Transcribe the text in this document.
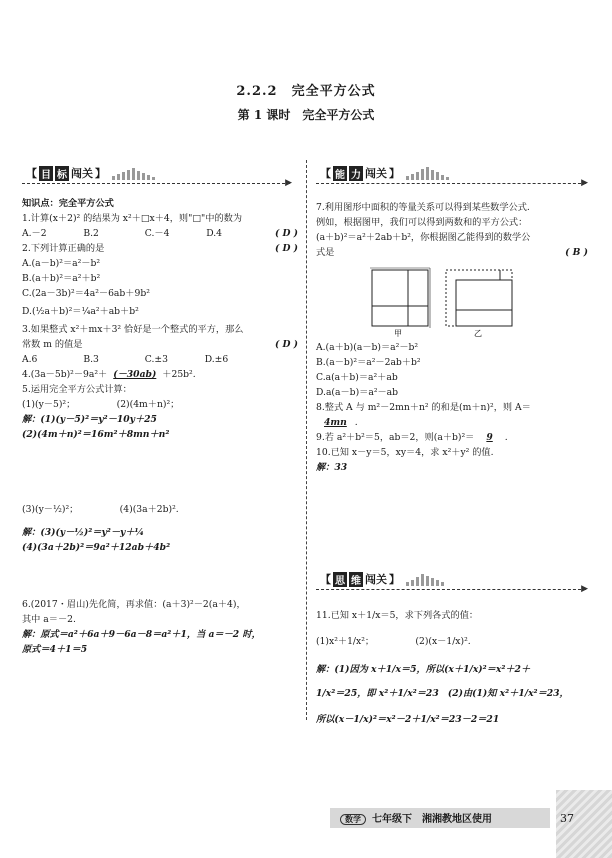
2.2.2　完全平方公式
第 1 课时　完全平方公式
【 目 标 闯关 】
▶
知识点：完全平方公式
1.计算(x＋2)² 的结果为 x²＋□x＋4，则"□"中的数为
( D )
A.－2　　　　B.2　　　　　C.－4　　　　D.4
2.下列计算正确的是	( D )
A.(a－b)²＝a²－b²
B.(a＋b)²＝a²＋b²
C.(2a－3b)²＝4a²－6ab＋9b²
D.(½a＋b)²＝¼a²＋ab＋b²
3.如果整式 x²＋mx＋3² 恰好是一个整式的平方，那么
常数 m 的值是	( D )
A.6　　　　　B.3　　　　　C.±3　　　　D.±6
4.(3a－5b)²－9a²＋ (－30ab) ＋25b².
5.运用完全平方公式计算：
(1)(y－5)²；　　　　　(2)(4m＋n)²；
解：(1)(y－5)²＝y²－10y＋25
(2)(4m＋n)²＝16m²＋8mn＋n²
(3)(y－½)²；　　　　　(4)(3a＋2b)².
解：(3)(y－½)²＝y²－y＋¼
(4)(3a＋2b)²＝9a²＋12ab＋4b²
6.(2017・眉山)先化简，再求值：(a＋3)²－2(a＋4)，
其中 a＝－2.
解：原式＝a²＋6a＋9－6a－8＝a²＋1，当 a＝－2 时，
原式＝4＋1＝5
【 能 力 闯关 】
▶
7.利用图形中面积的等量关系可以得到某些数学公式.
例如，根据图甲，我们可以得到两数和的平方公式：
(a＋b)²＝a²＋2ab＋b²，你根据图乙能得到的数学公
式是	( B )
A.(a＋b)(a－b)＝a²－b²
B.(a－b)²＝a²－2ab＋b²
C.a(a＋b)＝a²＋ab
D.a(a－b)＝a²－ab
8.整式 A 与 m²－2mn＋n² 的和是(m＋n)²，则 A＝
4mn .
9.若 a²＋b²＝5，ab＝2，则(a＋b)²＝ 9 .
10.已知 x－y＝5，xy＝4，求 x²＋y² 的值.
解：33
甲	乙
【 思 维 闯关 】
▶
11.已知 x＋1/x＝5，求下列各式的值：
(1)x²＋1/x²；　　　　　(2)(x－1/x)².
解：(1)因为 x＋1/x＝5，所以(x＋1/x)²＝x²＋2＋
1/x²＝25，即 x²＋1/x²＝23　(2)由(1)知 x²＋1/x²＝23，
所以(x－1/x)²＝x²－2＋1/x²＝23－2＝21
数学 七年级下　湘湘教地区使用	37
